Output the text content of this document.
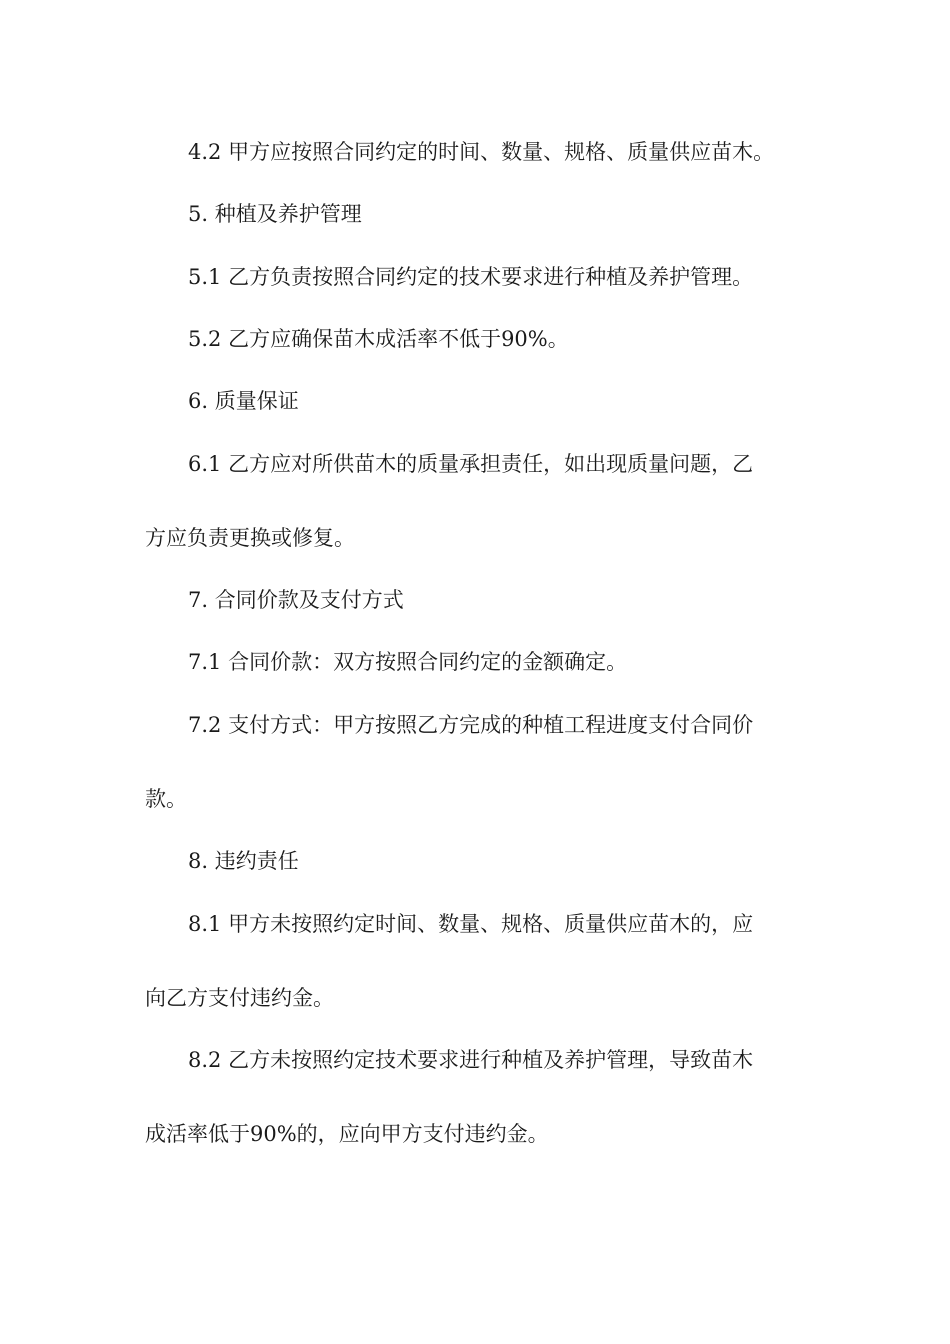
4.2 甲方应按照合同约定的时间、数量、规格、质量供应苗木。

5. 种植及养护管理

5.1 乙方负责按照合同约定的技术要求进行种植及养护管理。

5.2 乙方应确保苗木成活率不低于90%。

6. 质量保证

6.1 乙方应对所供苗木的质量承担责任，如出现质量问题，乙
方应负责更换或修复。

7. 合同价款及支付方式

7.1 合同价款：双方按照合同约定的金额确定。

7.2 支付方式：甲方按照乙方完成的种植工程进度支付合同价
款。

8. 违约责任

8.1 甲方未按照约定时间、数量、规格、质量供应苗木的，应
向乙方支付违约金。
8.2 乙方未按照约定技术要求进行种植及养护管理，导致苗木
成活率低于90%的，应向甲方支付违约金。
